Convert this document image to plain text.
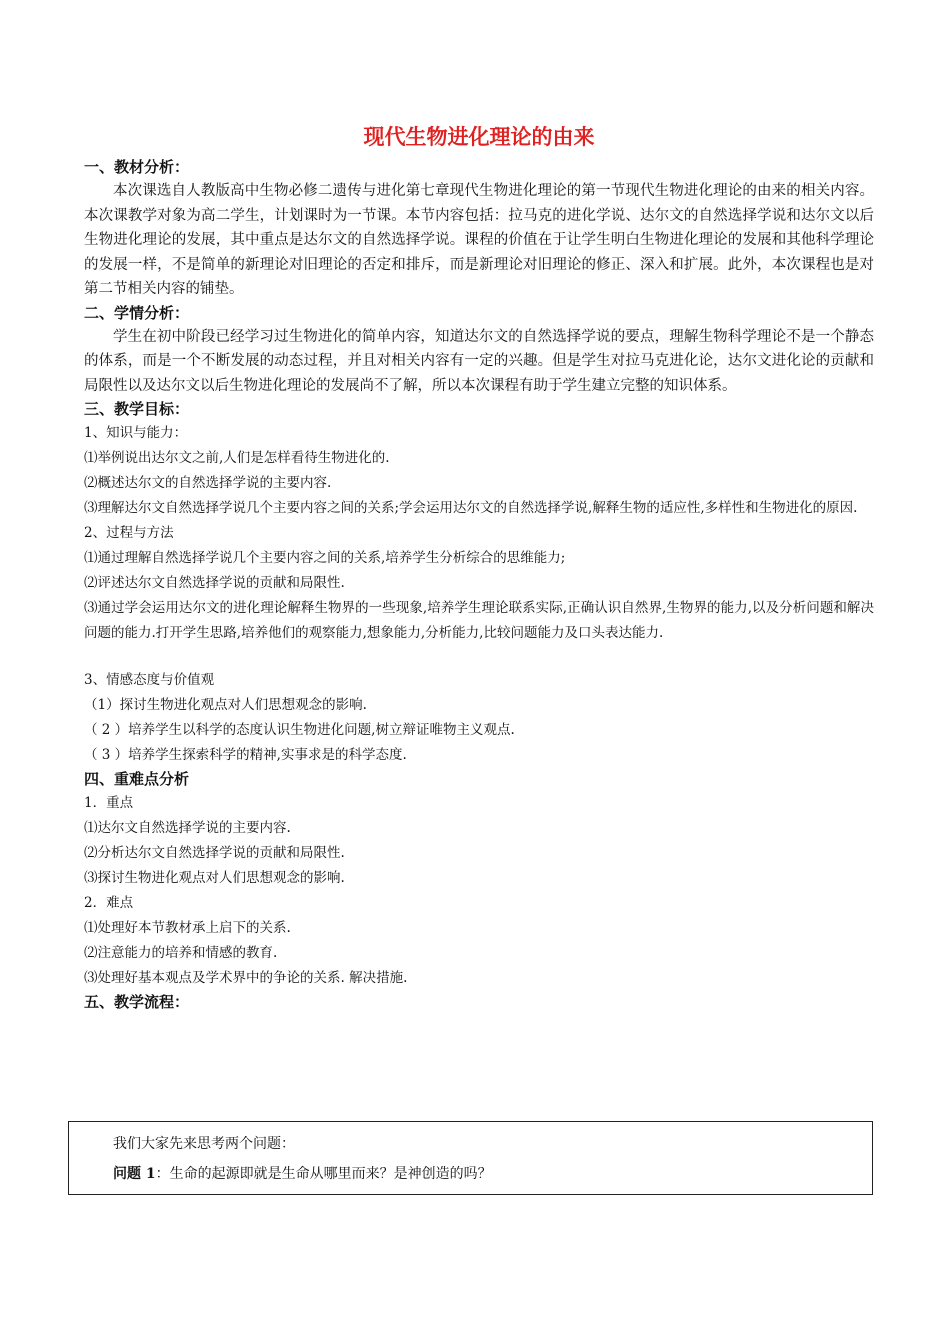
现代生物进化理论的由来

一、教材分析：

本次课选自人教版高中生物必修二遗传与进化第七章现代生物进化理论的第一节现代生物进化理论的由来的相关内容。本次课教学对象为高二学生，计划课时为一节课。本节内容包括：拉马克的进化学说、达尔文的自然选择学说和达尔文以后生物进化理论的发展，其中重点是达尔文的自然选择学说。课程的价值在于让学生明白生物进化理论的发展和其他科学理论的发展一样，不是简单的新理论对旧理论的否定和排斥，而是新理论对旧理论的修正、深入和扩展。此外，本次课程也是对第二节相关内容的铺垫。

二、学情分析：

学生在初中阶段已经学习过生物进化的简单内容，知道达尔文的自然选择学说的要点，理解生物科学理论不是一个静态的体系，而是一个不断发展的动态过程，并且对相关内容有一定的兴趣。但是学生对拉马克进化论，达尔文进化论的贡献和局限性以及达尔文以后生物进化理论的发展尚不了解，所以本次课程有助于学生建立完整的知识体系。

三、教学目标：

1、知识与能力：

⑴举例说出达尔文之前,人们是怎样看待生物进化的.

⑵概述达尔文的自然选择学说的主要内容.

⑶理解达尔文自然选择学说几个主要内容之间的关系;学会运用达尔文的自然选择学说,解释生物的适应性,多样性和生物进化的原因.

2、过程与方法

⑴通过理解自然选择学说几个主要内容之间的关系,培养学生分析综合的思维能力;

⑵评述达尔文自然选择学说的贡献和局限性.

⑶通过学会运用达尔文的进化理论解释生物界的一些现象,培养学生理论联系实际,正确认识自然界,生物界的能力,以及分析问题和解决问题的能力.打开学生思路,培养他们的观察能力,想象能力,分析能力,比较问题能力及口头表达能力.

3、情感态度与价值观

（1）探讨生物进化观点对人们思想观念的影响.

（ 2 ）培养学生以科学的态度认识生物进化问题,树立辩证唯物主义观点.

（ 3 ）培养学生探索科学的精神,实事求是的科学态度.

四、重难点分析

1．重点

⑴达尔文自然选择学说的主要内容.

⑵分析达尔文自然选择学说的贡献和局限性.

⑶探讨生物进化观点对人们思想观念的影响.

2．难点

⑴处理好本节教材承上启下的关系.

⑵注意能力的培养和情感的教育.

⑶处理好基本观点及学术界中的争论的关系. 解决措施.

五、教学流程：

我们大家先来思考两个问题：

问题 1：生命的起源即就是生命从哪里而来？是神创造的吗？
